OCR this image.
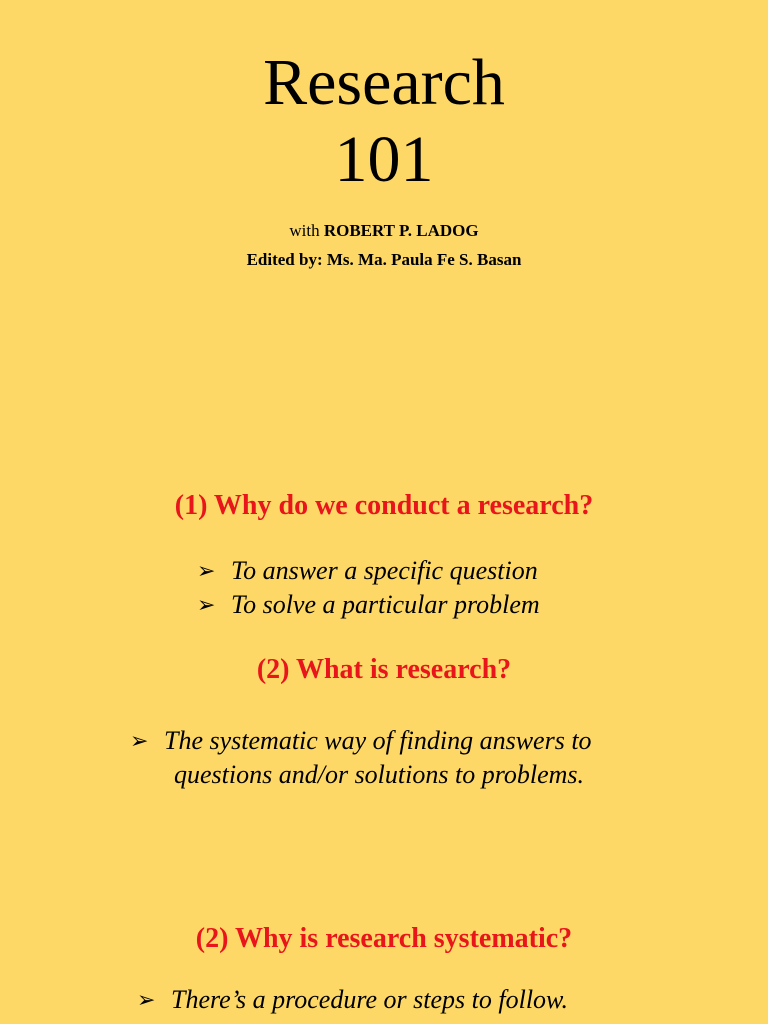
Research
101
with ROBERT P. LADOG
Edited by: Ms. Ma. Paula Fe S. Basan
(1) Why do we conduct a research?
➢ To answer a specific question
➢ To solve a particular problem
(2) What is research?
➢ The systematic way of finding answers to
questions and/or solutions to problems.
(2) Why is research systematic?
➢ There’s a procedure or steps to follow.
